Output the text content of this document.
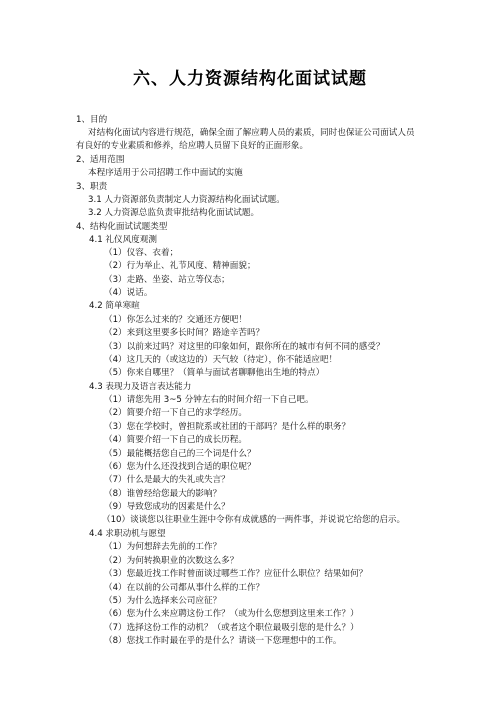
六、人力资源结构化面试试题
1、目的
对结构化面试内容进行规范，确保全面了解应聘人员的素质，同时也保证公司面试人员
有良好的专业素质和修养，给应聘人员留下良好的正面形象。
2、适用范围
本程序适用于公司招聘工作中面试的实施
3、职责
3.1 人力资源部负责制定人力资源结构化面试试题。
3.2 人力资源总监负责审批结构化面试试题。
4、结构化面试试题类型
4.1 礼仪风度观测
（1）仪容、衣着；
（2）行为举止、礼节风度、精神面貌；
（3）走路、坐姿、站立等仪态；
（4）说话。
4.2 简单寒暄
（1）你怎么过来的？交通还方便吧！
（2）来到这里要多长时间？路途辛苦吗？
（3）以前来过吗？对这里的印象如何，跟你所在的城市有何不同的感受？
（4）这几天的（或这边的）天气较（待定），你不能适应吧！
（5）你来自哪里？（简单与面试者聊聊他出生地的特点）
4.3 表现力及语言表达能力
（1）请您先用 3~5 分钟左右的时间介绍一下自己吧。
（2）简要介绍一下自己的求学经历。
（3）您在学校时，曾担院系或社团的干部吗？是什么样的职务？
（4）简要介绍一下自己的成长历程。
（5）最能概括您自己的三个词是什么？
（6）您为什么还没找到合适的职位呢？
（7）什么是最大的失礼或失言？
（8）谁曾经给您最大的影响？
（9）导致您成功的因素是什么？
（10）谈谈您以往职业生涯中令你有成就感的一两件事，并说说它给您的启示。
4.4 求职动机与愿望
（1）为何想辞去先前的工作？
（2）为何转换职业的次数这么多？
（3）您最近找工作时曾面谈过哪些工作？应征什么职位？结果如何？
（4）在以前的公司都从事什么样的工作？
（5）为什么选择来公司应征？
（6）您为什么来应聘这份工作？（或为什么您想到这里来工作？）
（7）选择这份工作的动机？（或者这个职位最吸引您的是什么？）
（8）您找工作时最在乎的是什么？请谈一下您理想中的工作。
